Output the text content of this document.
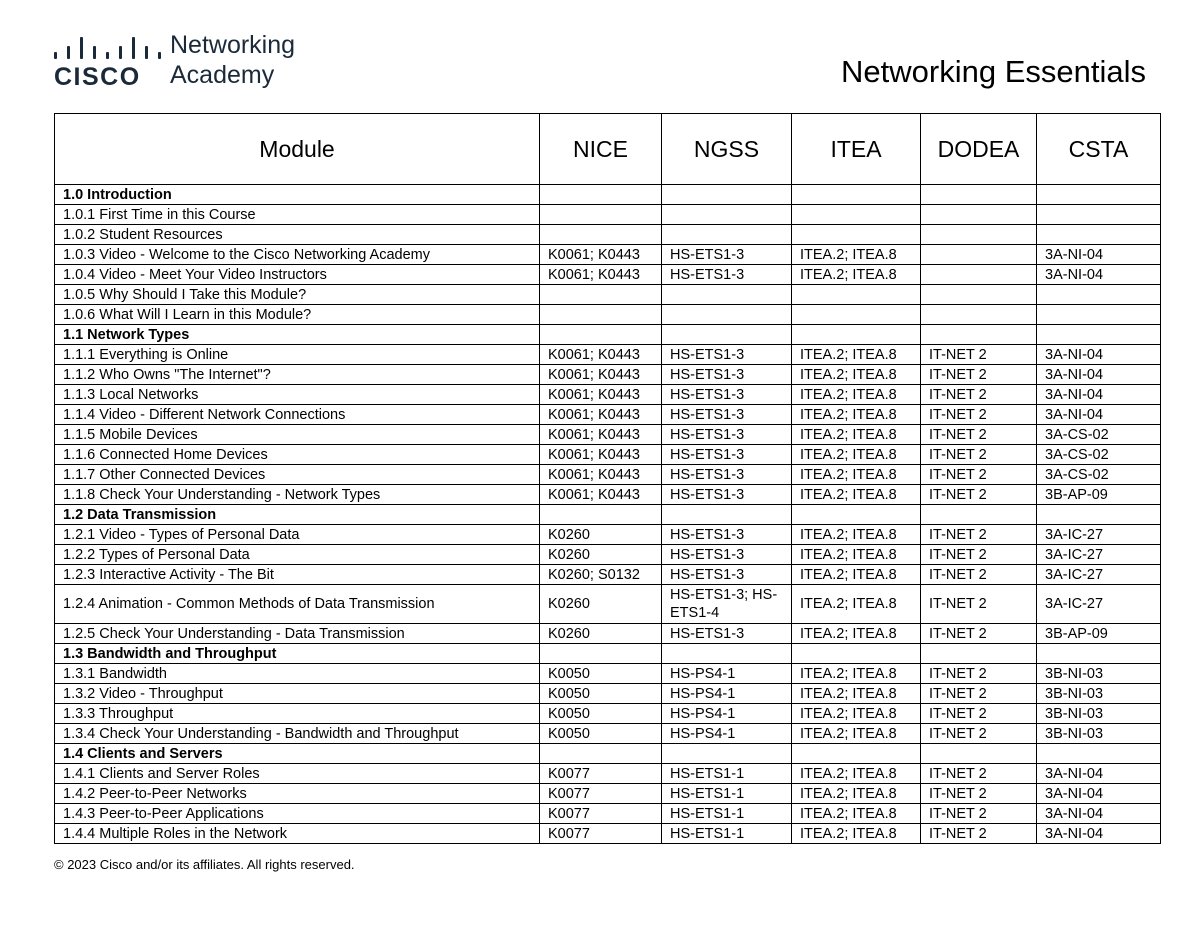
CISCO
Networking
Academy	Networking Essentials
Module	NICE	NGSS	ITEA	DODEA	CSTA
1.0 Introduction					
1.0.1 First Time in this Course					
1.0.2 Student Resources					
1.0.3 Video - Welcome to the Cisco Networking Academy	K0061; K0443	HS-ETS1-3	ITEA.2; ITEA.8		3A-NI-04
1.0.4 Video - Meet Your Video Instructors	K0061; K0443	HS-ETS1-3	ITEA.2; ITEA.8		3A-NI-04
1.0.5 Why Should I Take this Module?					
1.0.6 What Will I Learn in this Module?					
1.1 Network Types					
1.1.1 Everything is Online	K0061; K0443	HS-ETS1-3	ITEA.2; ITEA.8	IT-NET 2	3A-NI-04
1.1.2 Who Owns "The Internet"?	K0061; K0443	HS-ETS1-3	ITEA.2; ITEA.8	IT-NET 2	3A-NI-04
1.1.3 Local Networks	K0061; K0443	HS-ETS1-3	ITEA.2; ITEA.8	IT-NET 2	3A-NI-04
1.1.4 Video - Different Network Connections	K0061; K0443	HS-ETS1-3	ITEA.2; ITEA.8	IT-NET 2	3A-NI-04
1.1.5 Mobile Devices	K0061; K0443	HS-ETS1-3	ITEA.2; ITEA.8	IT-NET 2	3A-CS-02
1.1.6 Connected Home Devices	K0061; K0443	HS-ETS1-3	ITEA.2; ITEA.8	IT-NET 2	3A-CS-02
1.1.7 Other Connected Devices	K0061; K0443	HS-ETS1-3	ITEA.2; ITEA.8	IT-NET 2	3A-CS-02
1.1.8 Check Your Understanding - Network Types	K0061; K0443	HS-ETS1-3	ITEA.2; ITEA.8	IT-NET 2	3B-AP-09
1.2 Data Transmission					
1.2.1 Video - Types of Personal Data	K0260	HS-ETS1-3	ITEA.2; ITEA.8	IT-NET 2	3A-IC-27
1.2.2 Types of Personal Data	K0260	HS-ETS1-3	ITEA.2; ITEA.8	IT-NET 2	3A-IC-27
1.2.3 Interactive Activity - The Bit	K0260; S0132	HS-ETS1-3	ITEA.2; ITEA.8	IT-NET 2	3A-IC-27
1.2.4 Animation - Common Methods of Data Transmission	K0260	HS-ETS1-3; HS-ETS1-4	ITEA.2; ITEA.8	IT-NET 2	3A-IC-27
1.2.5 Check Your Understanding - Data Transmission	K0260	HS-ETS1-3	ITEA.2; ITEA.8	IT-NET 2	3B-AP-09
1.3 Bandwidth and Throughput					
1.3.1 Bandwidth	K0050	HS-PS4-1	ITEA.2; ITEA.8	IT-NET 2	3B-NI-03
1.3.2 Video - Throughput	K0050	HS-PS4-1	ITEA.2; ITEA.8	IT-NET 2	3B-NI-03
1.3.3 Throughput	K0050	HS-PS4-1	ITEA.2; ITEA.8	IT-NET 2	3B-NI-03
1.3.4 Check Your Understanding - Bandwidth and Throughput	K0050	HS-PS4-1	ITEA.2; ITEA.8	IT-NET 2	3B-NI-03
1.4 Clients and Servers					
1.4.1 Clients and Server Roles	K0077	HS-ETS1-1	ITEA.2; ITEA.8	IT-NET 2	3A-NI-04
1.4.2 Peer-to-Peer Networks	K0077	HS-ETS1-1	ITEA.2; ITEA.8	IT-NET 2	3A-NI-04
1.4.3 Peer-to-Peer Applications	K0077	HS-ETS1-1	ITEA.2; ITEA.8	IT-NET 2	3A-NI-04
1.4.4 Multiple Roles in the Network	K0077	HS-ETS1-1	ITEA.2; ITEA.8	IT-NET 2	3A-NI-04
© 2023 Cisco and/or its affiliates. All rights reserved.
